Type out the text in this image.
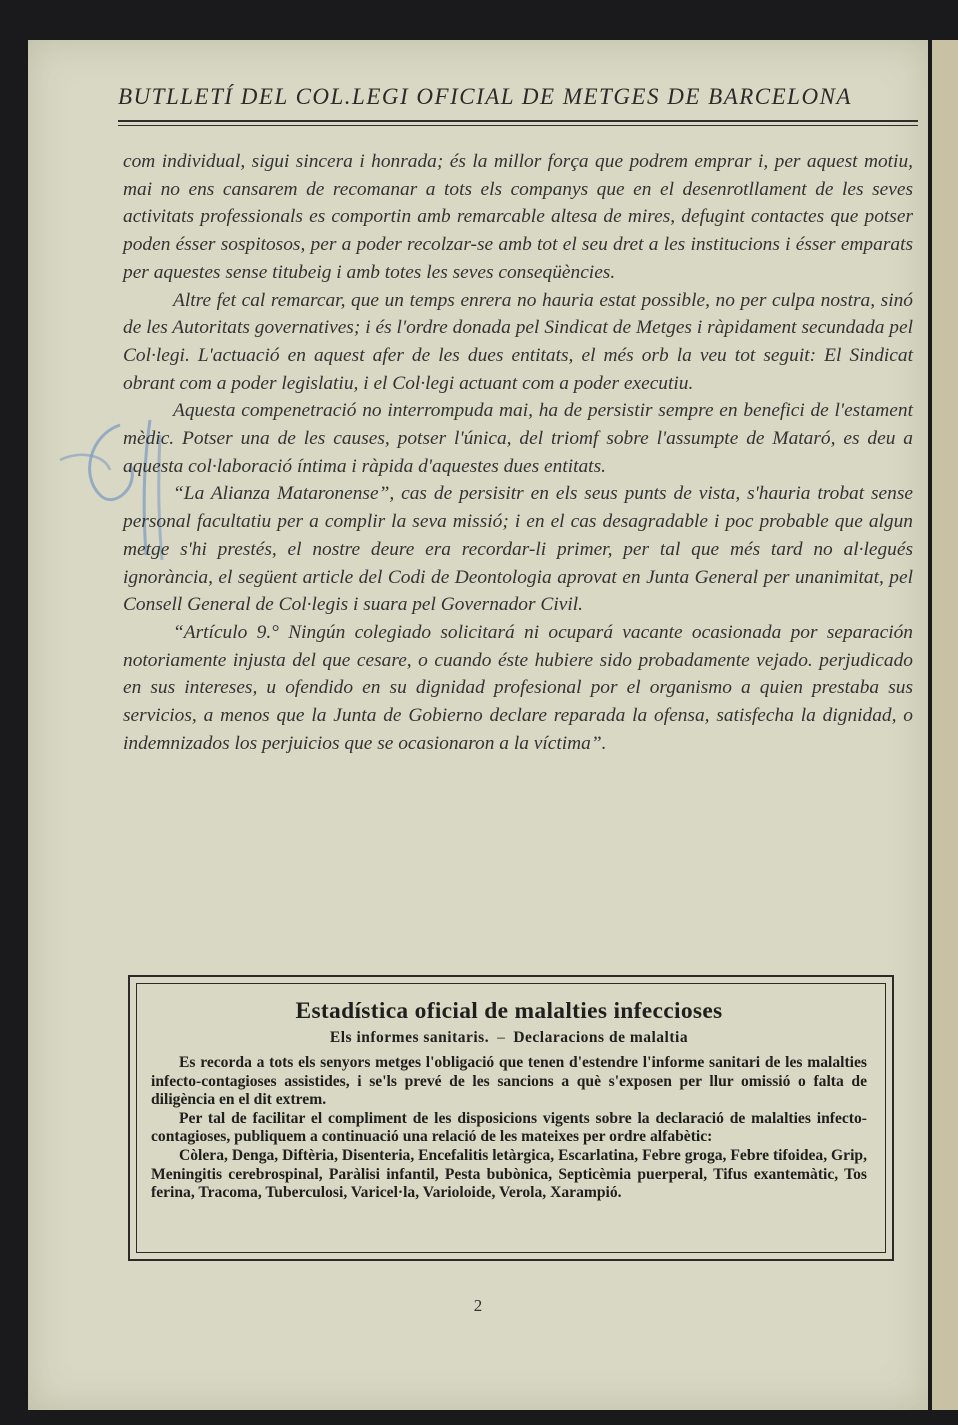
BUTLLETÍ DEL COL.LEGI OFICIAL DE METGES DE BARCELONA

com individual, sigui sincera i honrada; és la millor força que podrem emprar i, per aquest motiu, mai no ens cansarem de recomanar a tots els companys que en el desenrotllament de les seves activitats professionals es comportin amb remarcable altesa de mires, defugint contactes que potser poden ésser sospitosos, per a poder recolzar-se amb tot el seu dret a les institucions i ésser emparats per aquestes sense titubeig i amb totes les seves conseqüències.

Altre fet cal remarcar, que un temps enrera no hauria estat possible, no per culpa nostra, sinó de les Autoritats governatives; i és l'ordre donada pel Sindicat de Metges i ràpidament secundada pel Col·legi. L'actuació en aquest afer de les dues entitats, el més orb la veu tot seguit: El Sindicat obrant com a poder legislatiu, i el Col·legi actuant com a poder executiu.

Aquesta compenetració no interrompuda mai, ha de persistir sempre en benefici de l'estament mèdic. Potser una de les causes, potser l'única, del triomf sobre l'assumpte de Mataró, es deu a aquesta col·laboració íntima i ràpida d'aquestes dues entitats.

“La Alianza Mataronense”, cas de persisitr en els seus punts de vista, s'hauria trobat sense personal facultatiu per a complir la seva missió; i en el cas desagradable i poc probable que algun metge s'hi prestés, el nostre deure era recordar-li primer, per tal que més tard no al·legués ignorància, el següent article del Codi de Deontologia aprovat en Junta General per unanimitat, pel Consell General de Col·legis i suara pel Governador Civil.

“Artículo 9.° Ningún colegiado solicitará ni ocupará vacante ocasionada por separación notoriamente injusta del que cesare, o cuando éste hubiere sido probadamente vejado. perjudicado en sus intereses, u ofendido en su dignidad profesional por el organismo a quien prestaba sus servicios, a menos que la Junta de Gobierno declare reparada la ofensa, satisfecha la dignidad, o indemnizados los perjuicios que se ocasionaron a la víctima”.

Estadística oficial de malalties infeccioses
Els informes sanitaris. – Declaracions de malaltia

Es recorda a tots els senyors metges l'obligació que tenen d'estendre l'informe sanitari de les malalties infecto-contagioses assistides, i se'ls prevé de les sancions a què s'exposen per llur omissió o falta de diligència en el dit extrem.

Per tal de facilitar el compliment de les disposicions vigents sobre la declaració de malalties infecto-contagioses, publiquem a continuació una relació de les mateixes per ordre alfabètic:

Còlera, Denga, Diftèria, Disenteria, Encefalitis letàrgica, Escarlatina, Febre groga, Febre tifoidea, Grip, Meningitis cerebrospinal, Paràlisi infantil, Pesta bubònica, Septicèmia puerperal, Tifus exantemàtic, Tos ferina, Tracoma, Tuberculosi, Varicel·la, Varioloide, Verola, Xarampió.

2
